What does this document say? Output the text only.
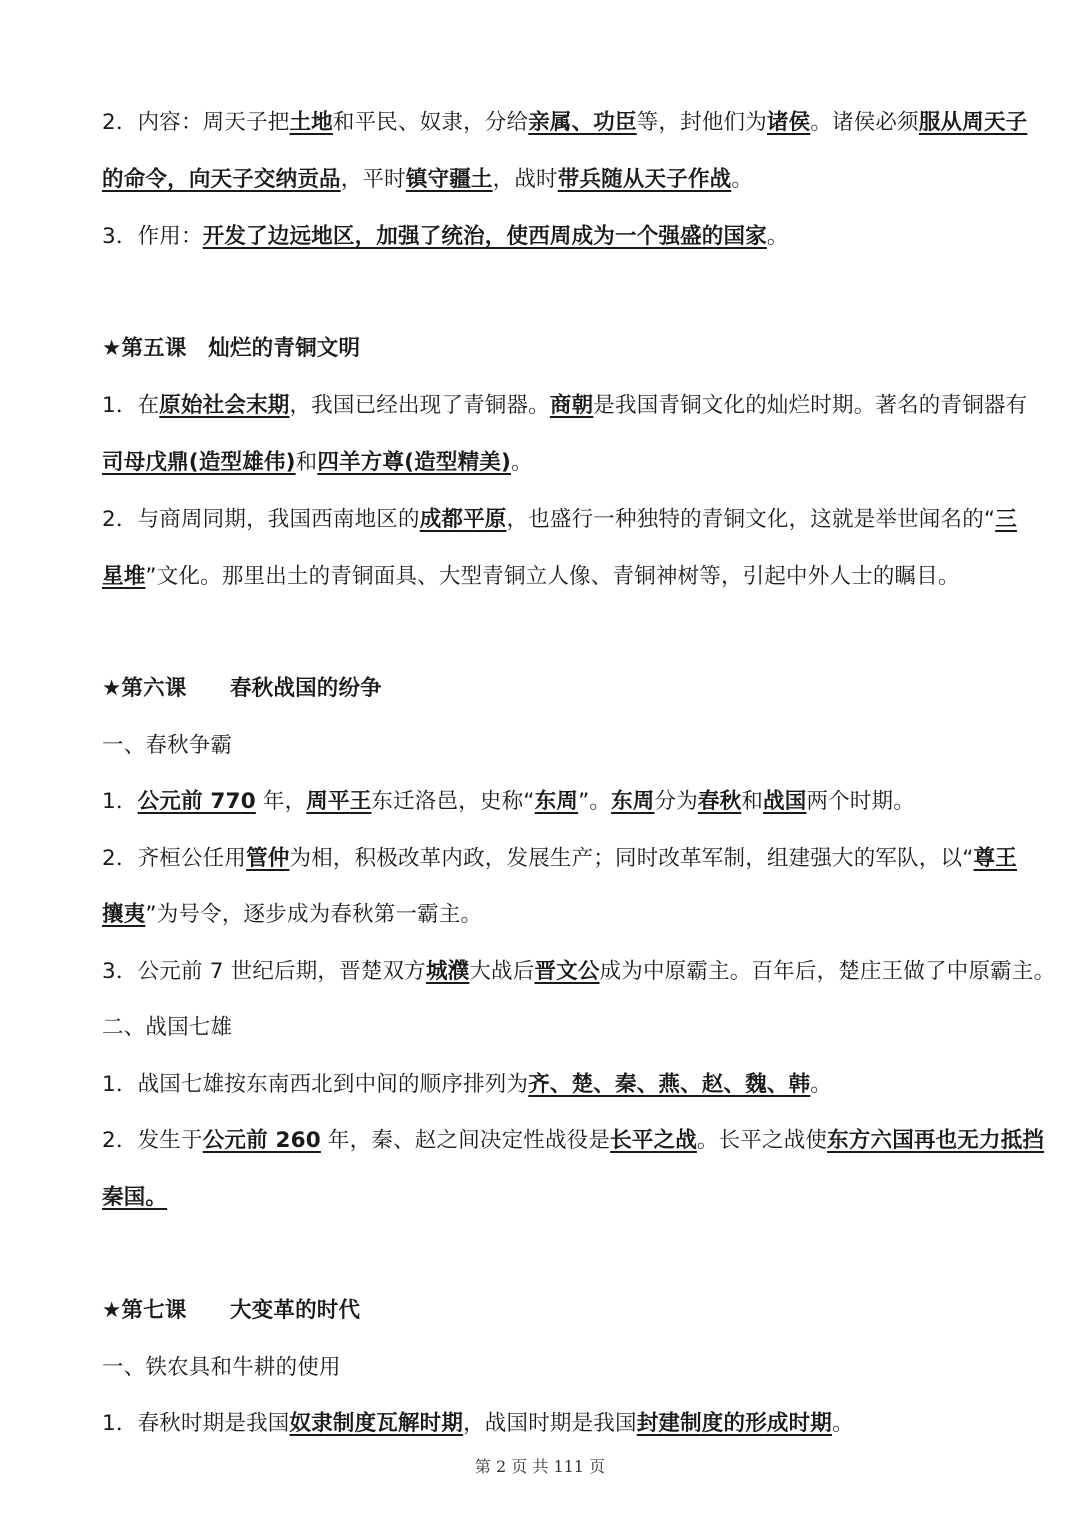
2．内容：周天子把土地和平民、奴隶，分给亲属、功臣等，封他们为诸侯。诸侯必须服从周天子
的命令，向天子交纳贡品，平时镇守疆土，战时带兵随从天子作战。
3．作用：开发了边远地区，加强了统治，使西周成为一个强盛的国家。
★第五课　灿烂的青铜文明
1．在原始社会末期，我国已经出现了青铜器。商朝是我国青铜文化的灿烂时期。著名的青铜器有
司母戊鼎(造型雄伟)和四羊方尊(造型精美)。
2．与商周同期，我国西南地区的成都平原，也盛行一种独特的青铜文化，这就是举世闻名的“三
星堆”文化。那里出土的青铜面具、大型青铜立人像、青铜神树等，引起中外人士的瞩目。
★第六课　　春秋战国的纷争
一、春秋争霸
1．公元前 770 年，周平王东迁洛邑，史称“东周”。东周分为春秋和战国两个时期。
2．齐桓公任用管仲为相，积极改革内政，发展生产；同时改革军制，组建强大的军队，以“尊王
攘夷”为号令，逐步成为春秋第一霸主。
3．公元前 7 世纪后期，晋楚双方城濮大战后晋文公成为中原霸主。百年后，楚庄王做了中原霸主。
二、战国七雄
1．战国七雄按东南西北到中间的顺序排列为齐、楚、秦、燕、赵、魏、韩。
2．发生于公元前 260 年，秦、赵之间决定性战役是长平之战。长平之战使东方六国再也无力抵挡
秦国。
★第七课　　大变革的时代
一、铁农具和牛耕的使用
1．春秋时期是我国奴隶制度瓦解时期，战国时期是我国封建制度的形成时期。
第 2 页 共 111 页
